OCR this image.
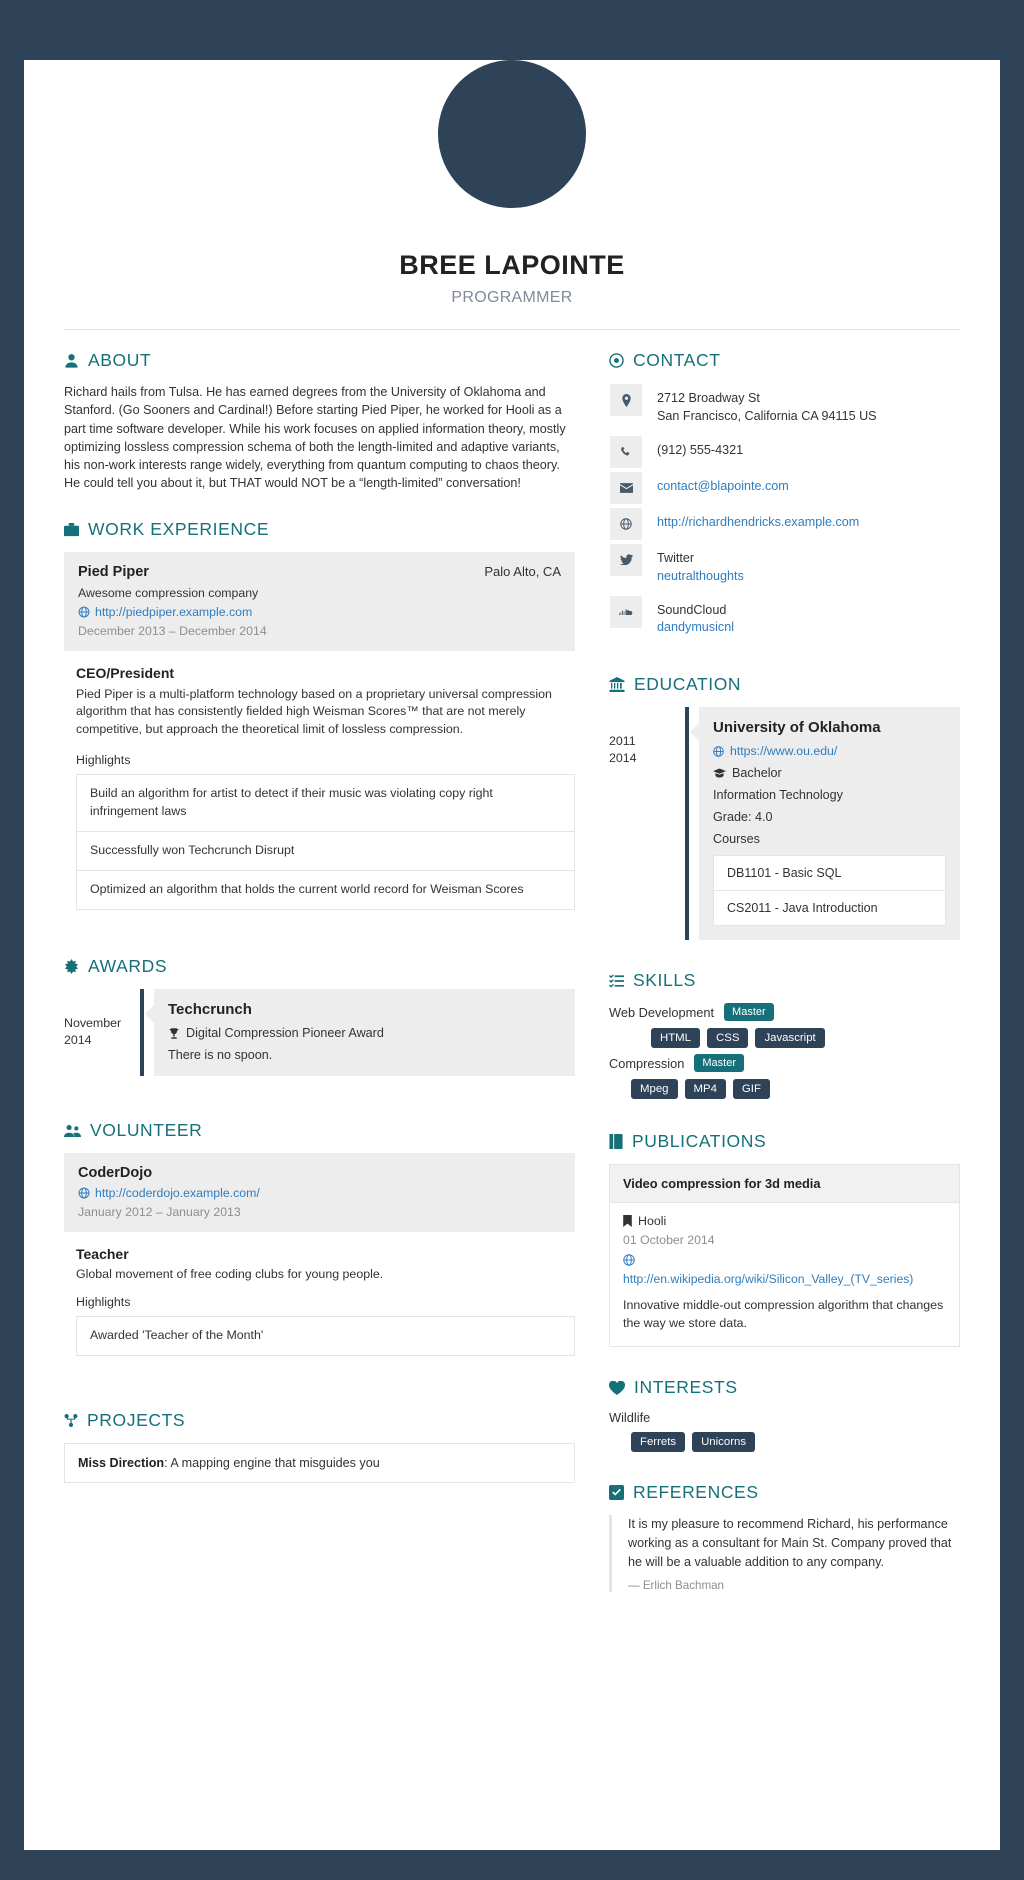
BREE LAPOINTE
PROGRAMMER
ABOUT

Richard hails from Tulsa. He has earned degrees from the University of Oklahoma and Stanford. (Go Sooners and Cardinal!) Before starting Pied Piper, he worked for Hooli as a part time software developer. While his work focuses on applied information theory, mostly optimizing lossless compression schema of both the length-limited and adaptive variants, his non-work interests range widely, everything from quantum computing to chaos theory. He could tell you about it, but THAT would NOT be a “length-limited” conversation!

WORK EXPERIENCE
Pied Piper	Palo Alto, CA
Awesome compression company
http://piedpiper.example.com
December 2013 – December 2014
CEO/President
Pied Piper is a multi-platform technology based on a proprietary universal compression algorithm that has consistently fielded high Weisman Scores™ that are not merely competitive, but approach the theoretical limit of lossless compression.
Highlights
Build an algorithm for artist to detect if their music was violating copy right infringement laws
Successfully won Techcrunch Disrupt
Optimized an algorithm that holds the current world record for Weisman Scores
AWARDS
November
2014
Techcrunch
Digital Compression Pioneer Award
There is no spoon.
VOLUNTEER
CoderDojo
http://coderdojo.example.com/
January 2012 – January 2013
Teacher
Global movement of free coding clubs for young people.
Highlights
Awarded 'Teacher of the Month'
PROJECTS
Miss Direction: A mapping engine that misguides you
CONTACT
2712 Broadway St
San Francisco, California CA 94115 US
(912) 555-4321
contact@blapointe.com
http://richardhendricks.example.com
Twitter
neutralthoughts
SoundCloud
dandymusicnl
EDUCATION
2011
2014
University of Oklahoma
https://www.ou.edu/
Bachelor
Information Technology
Grade: 4.0
Courses
DB1101 - Basic SQL
CS2011 - Java Introduction
SKILLS
Web Development	Master
HTML	CSS	Javascript
Compression	Master
Mpeg	MP4	GIF
PUBLICATIONS
Video compression for 3d media
Hooli
01 October 2014
http://en.wikipedia.org/wiki/Silicon_Valley_(TV_series)
Innovative middle-out compression algorithm that changes the way we store data.
INTERESTS
Wildlife
Ferrets	Unicorns
REFERENCES
It is my pleasure to recommend Richard, his performance working as a consultant for Main St. Company proved that he will be a valuable addition to any company.
— Erlich Bachman
